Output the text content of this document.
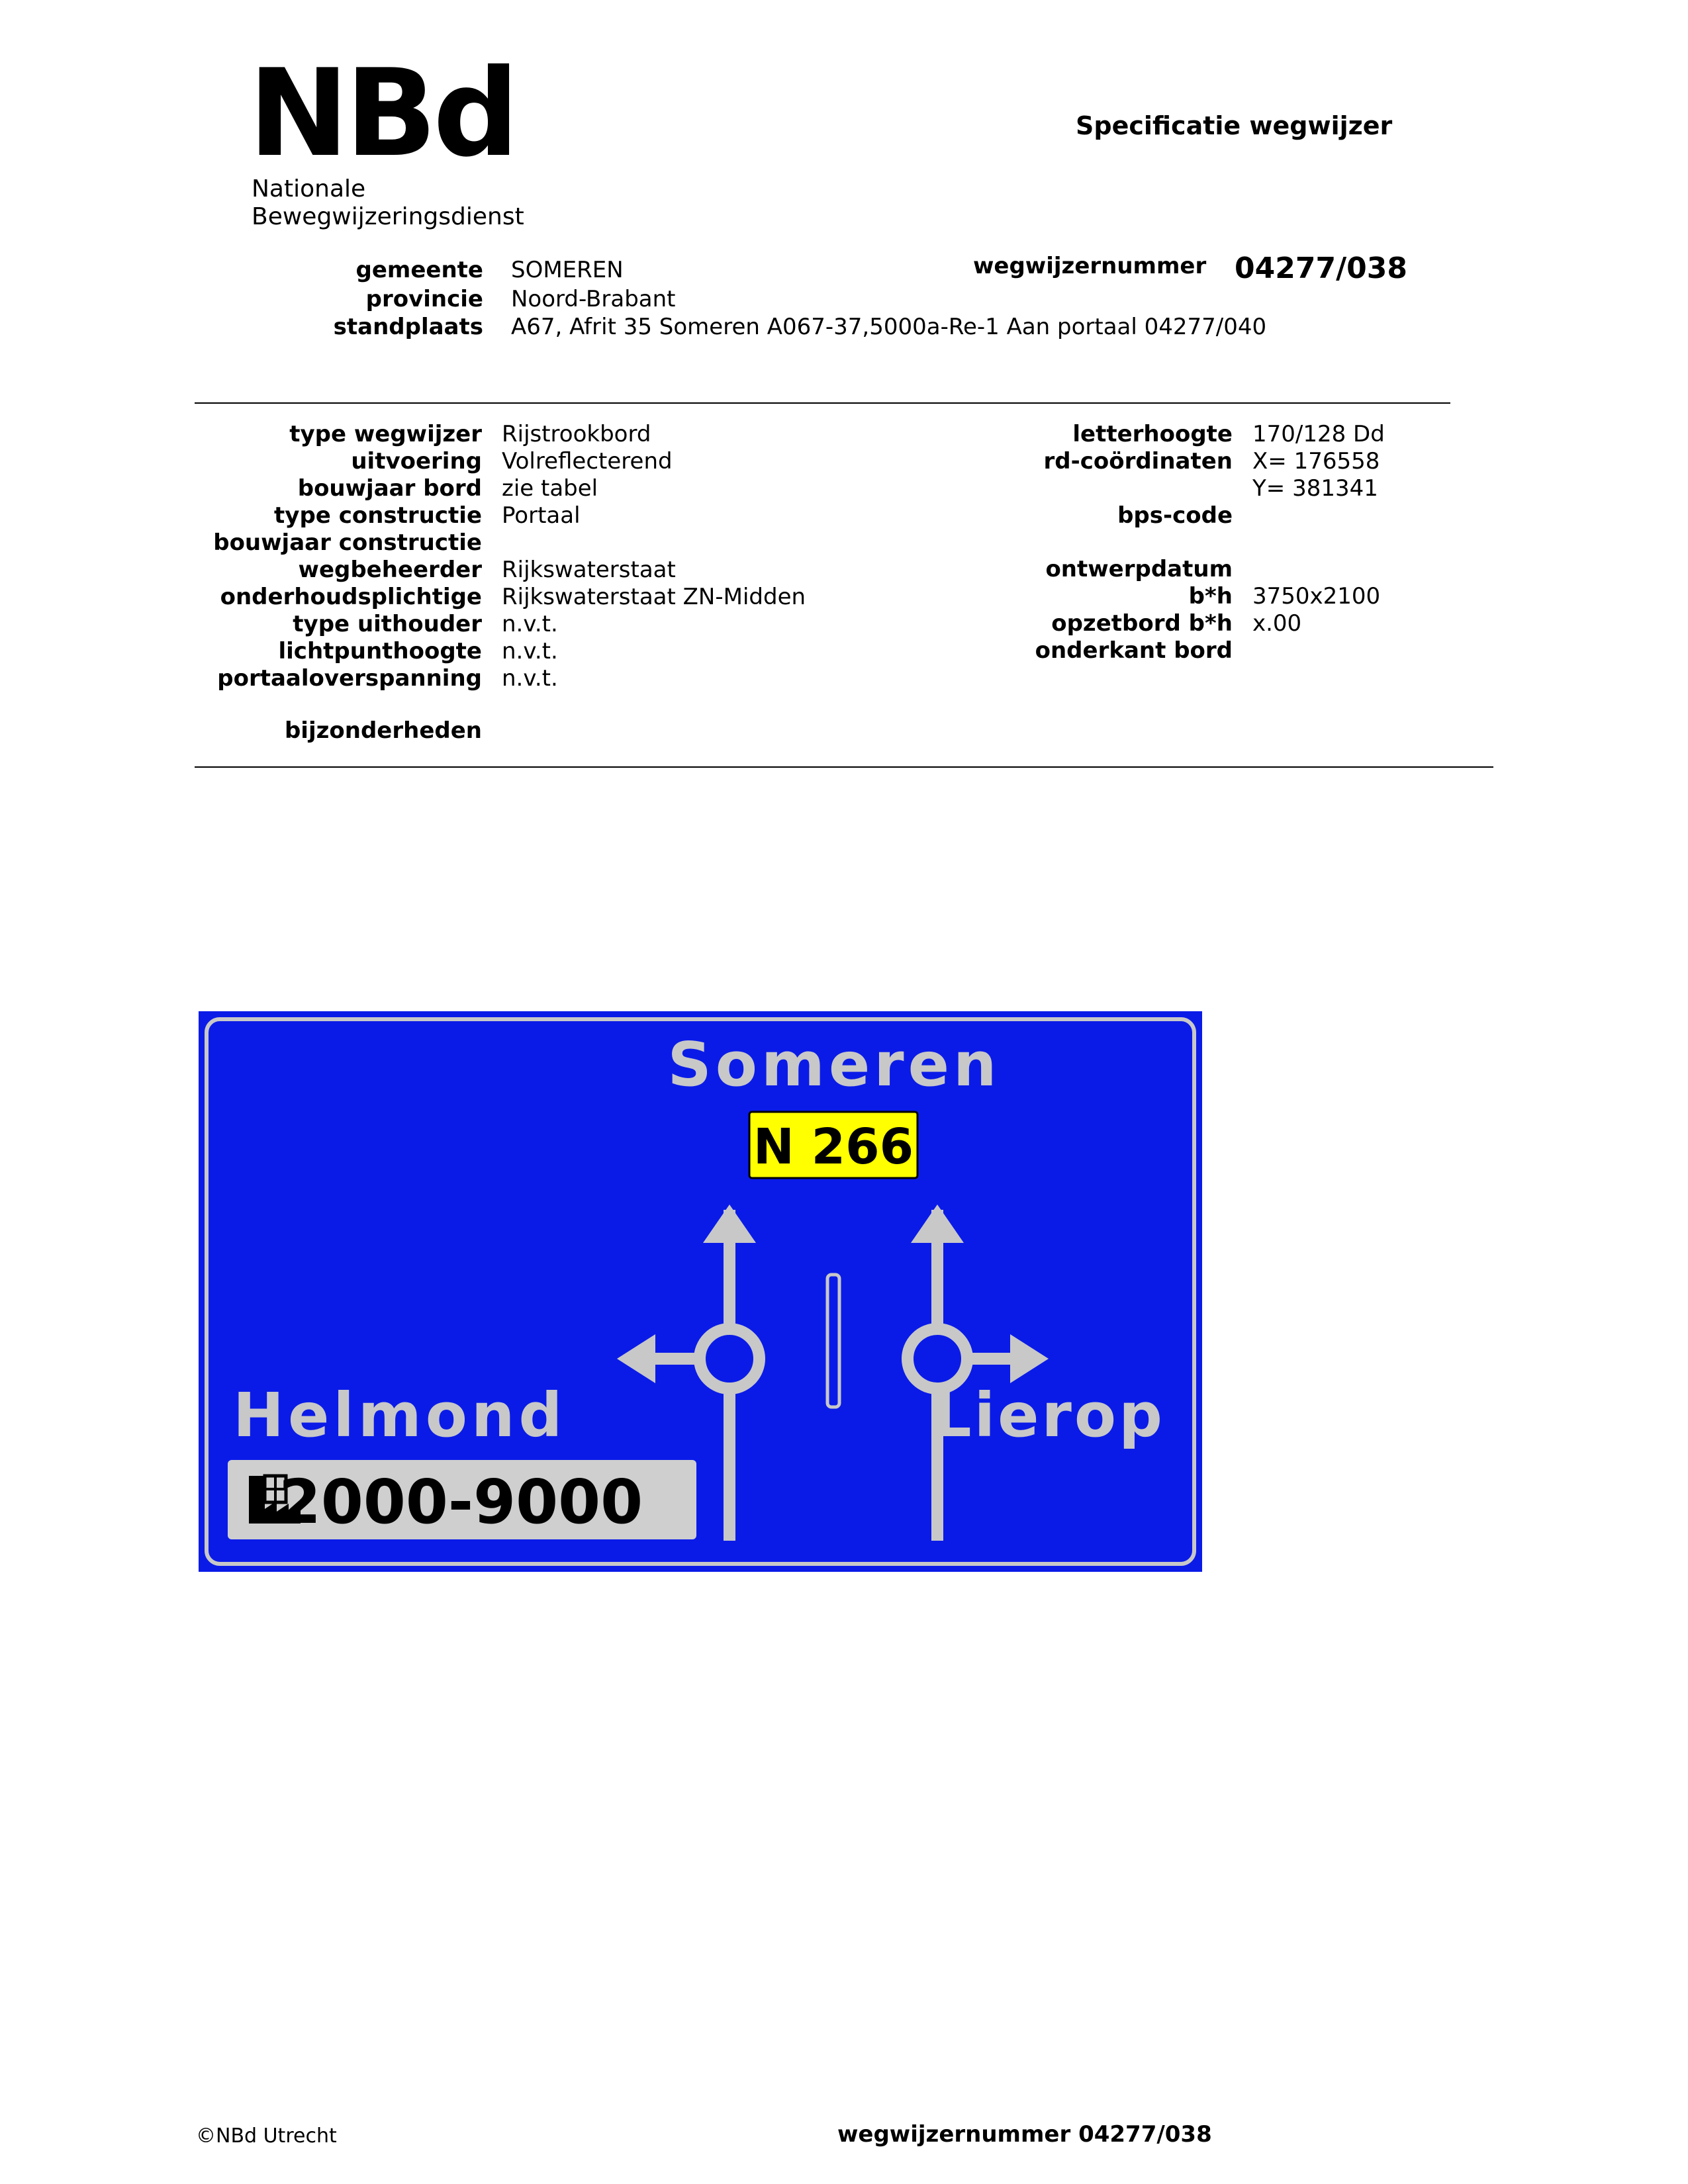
NBd
Nationale
Bewegwijzeringsdienst
Specificatie wegwijzer
gemeente SOMEREN
provincie Noord-Brabant
standplaats A67, Afrit 35 Someren A067-37,5000a-Re-1 Aan portaal 04277/040
wegwijzernummer 04277/038
type wegwijzer Rijstrookbord
uitvoering Volreflecterend
bouwjaar bord zie tabel
type constructie Portaal
bouwjaar constructie
wegbeheerder Rijkswaterstaat
onderhoudsplichtige Rijkswaterstaat ZN-Midden
type uithouder n.v.t.
lichtpunthoogte n.v.t.
portaaloverspanning n.v.t.
bijzonderheden
letterhoogte 170/128 Dd
rd-coördinaten X= 176558
Y= 381341
bps-code
ontwerpdatum
b*h 3750x2100
opzetbord b*h x.00
onderkant bord
Someren
N 266
Helmond	Lierop
2000-9000
©NBd Utrecht	wegwijzernummer 04277/038
